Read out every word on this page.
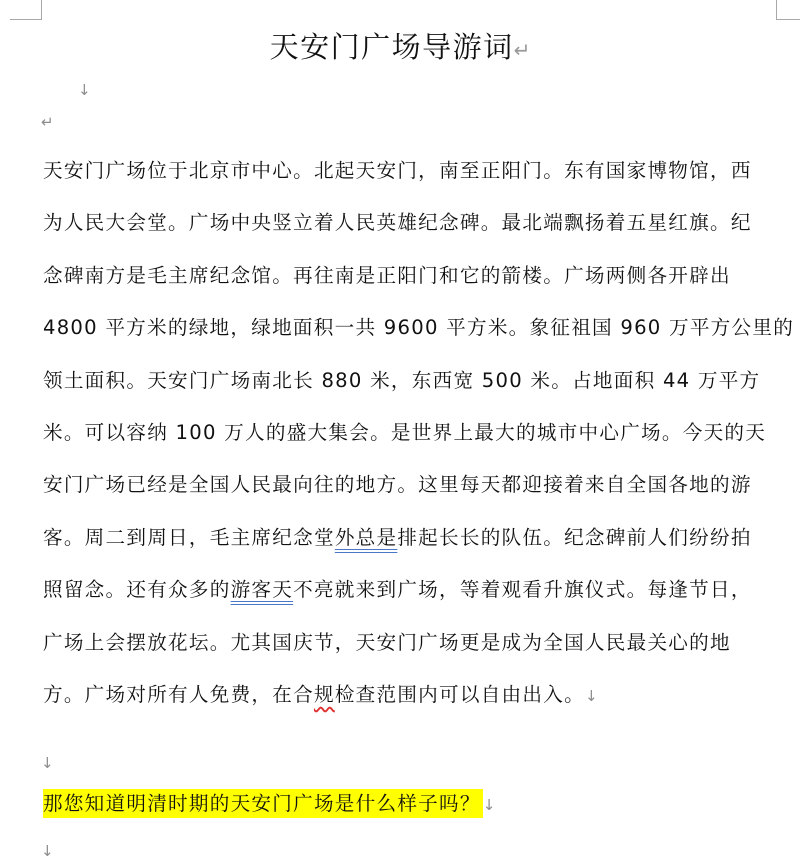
天安门广场导游词↵
↓
↵
天安门广场位于北京市中心。北起天安门，南至正阳门。东有国家博物馆，西
为人民大会堂。广场中央竖立着人民英雄纪念碑。最北端飘扬着五星红旗。纪
念碑南方是毛主席纪念馆。再往南是正阳门和它的箭楼。广场两侧各开辟出
4800 平方米的绿地，绿地面积一共 9600 平方米。象征祖国 960 万平方公里的
领土面积。天安门广场南北长 880 米，东西宽 500 米。占地面积 44 万平方
米。可以容纳 100 万人的盛大集会。是世界上最大的城市中心广场。今天的天
安门广场已经是全国人民最向往的地方。这里每天都迎接着来自全国各地的游
客。周二到周日，毛主席纪念堂外总是排起长长的队伍。纪念碑前人们纷纷拍
照留念。还有众多的游客天不亮就来到广场，等着观看升旗仪式。每逢节日，
广场上会摆放花坛。尤其国庆节，天安门广场更是成为全国人民最关心的地
方。广场对所有人免费，在合规检查范围内可以自由出入。↓
↓
那您知道明清时期的天安门广场是什么样子吗？ ↓
↓
